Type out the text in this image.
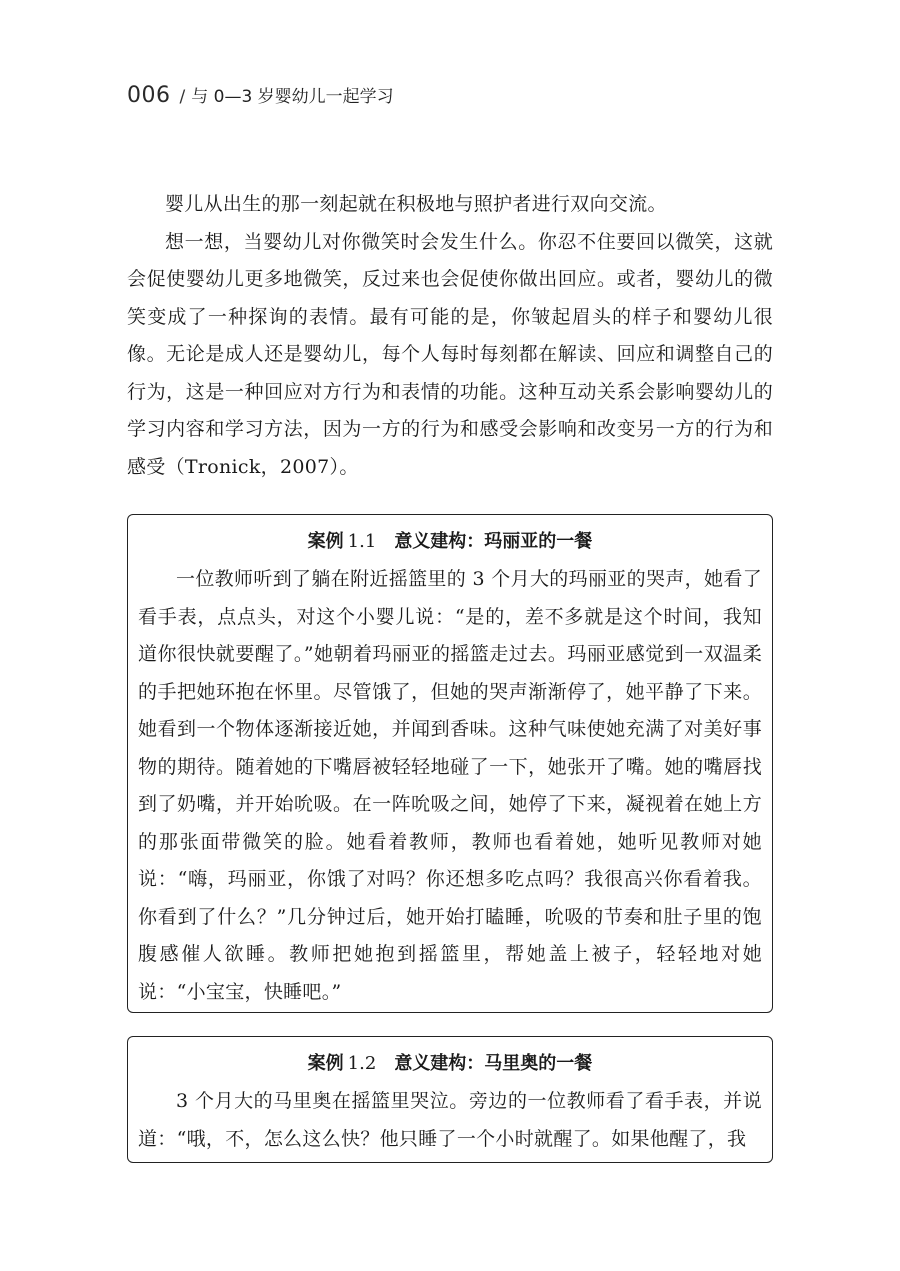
006 / 与 0—3 岁婴幼儿一起学习

婴儿从出生的那一刻起就在积极地与照护者进行双向交流。

想一想，当婴幼儿对你微笑时会发生什么。你忍不住要回以微笑，这就会促使婴幼儿更多地微笑，反过来也会促使你做出回应。或者，婴幼儿的微笑变成了一种探询的表情。最有可能的是，你皱起眉头的样子和婴幼儿很像。无论是成人还是婴幼儿，每个人每时每刻都在解读、回应和调整自己的行为，这是一种回应对方行为和表情的功能。这种互动关系会影响婴幼儿的学习内容和学习方法，因为一方的行为和感受会影响和改变另一方的行为和感受（Tronick，2007）。

案例 1.1 意义建构：玛丽亚的一餐

一位教师听到了躺在附近摇篮里的 3 个月大的玛丽亚的哭声，她看了看手表，点点头，对这个小婴儿说：“是的，差不多就是这个时间，我知道你很快就要醒了。”她朝着玛丽亚的摇篮走过去。玛丽亚感觉到一双温柔的手把她环抱在怀里。尽管饿了，但她的哭声渐渐停了，她平静了下来。她看到一个物体逐渐接近她，并闻到香味。这种气味使她充满了对美好事物的期待。随着她的下嘴唇被轻轻地碰了一下，她张开了嘴。她的嘴唇找到了奶嘴，并开始吮吸。在一阵吮吸之间，她停了下来，凝视着在她上方的那张面带微笑的脸。她看着教师，教师也看着她，她听见教师对她说：“嗨，玛丽亚，你饿了对吗？你还想多吃点吗？我很高兴你看着我。你看到了什么？”几分钟过后，她开始打瞌睡，吮吸的节奏和肚子里的饱腹感催人欲睡。教师把她抱到摇篮里，帮她盖上被子，轻轻地对她说：“小宝宝，快睡吧。”

案例 1.2 意义建构：马里奥的一餐

3 个月大的马里奥在摇篮里哭泣。旁边的一位教师看了看手表，并说道：“哦，不，怎么这么快？他只睡了一个小时就醒了。如果他醒了，我
